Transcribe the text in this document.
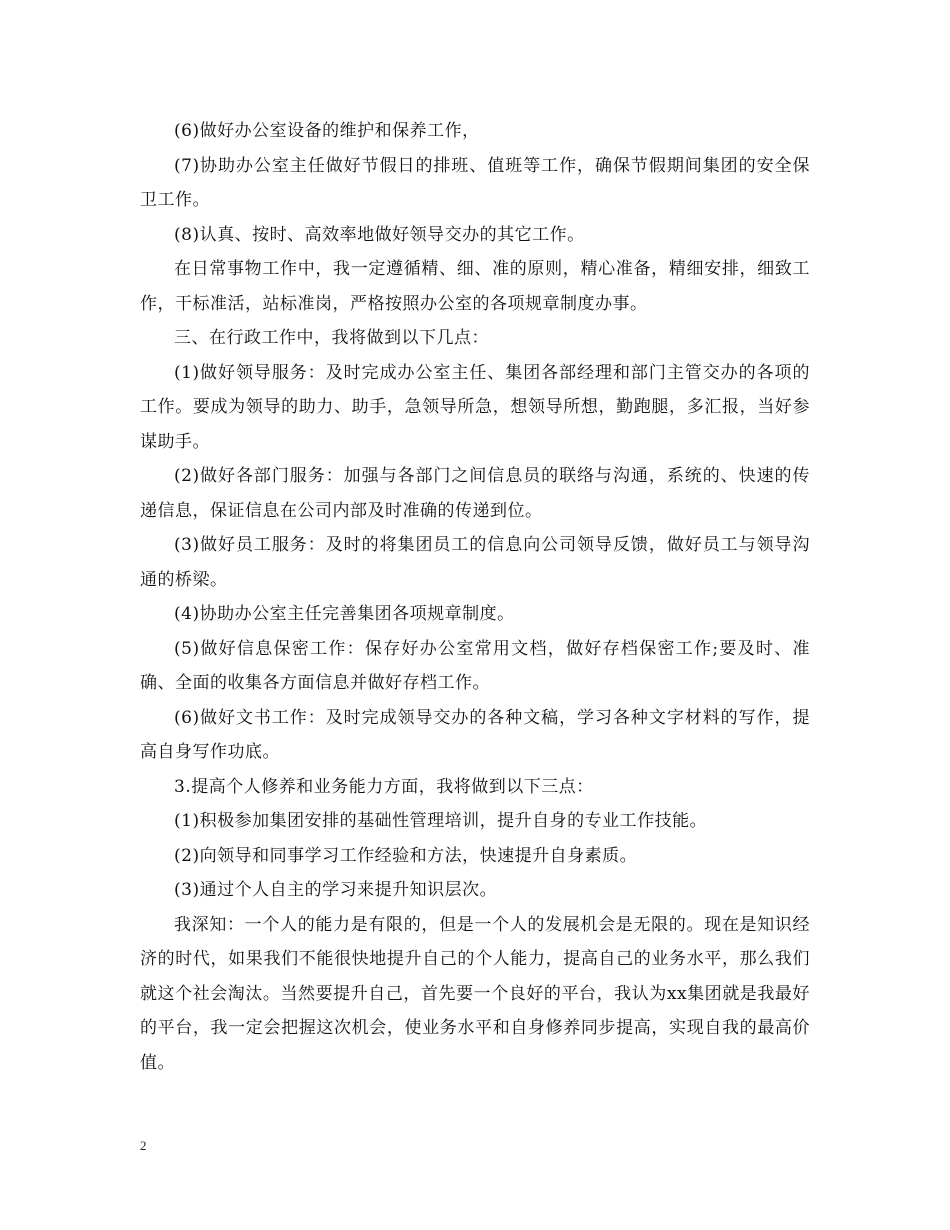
(6)做好办公室设备的维护和保养工作，

(7)协助办公室主任做好节假日的排班、值班等工作，确保节假期间集团的安全保卫工作。

(8)认真、按时、高效率地做好领导交办的其它工作。

在日常事物工作中，我一定遵循精、细、准的原则，精心准备，精细安排，细致工作，干标准活，站标准岗，严格按照办公室的各项规章制度办事。

三、在行政工作中，我将做到以下几点：

(1)做好领导服务：及时完成办公室主任、集团各部经理和部门主管交办的各项的工作。要成为领导的助力、助手，急领导所急，想领导所想，勤跑腿，多汇报，当好参谋助手。

(2)做好各部门服务：加强与各部门之间信息员的联络与沟通，系统的、快速的传递信息，保证信息在公司内部及时准确的传递到位。

(3)做好员工服务：及时的将集团员工的信息向公司领导反馈，做好员工与领导沟通的桥梁。

(4)协助办公室主任完善集团各项规章制度。

(5)做好信息保密工作：保存好办公室常用文档，做好存档保密工作;要及时、准确、全面的收集各方面信息并做好存档工作。

(6)做好文书工作：及时完成领导交办的各种文稿，学习各种文字材料的写作，提高自身写作功底。

3.提高个人修养和业务能力方面，我将做到以下三点：

(1)积极参加集团安排的基础性管理培训，提升自身的专业工作技能。

(2)向领导和同事学习工作经验和方法，快速提升自身素质。

(3)通过个人自主的学习来提升知识层次。

我深知：一个人的能力是有限的，但是一个人的发展机会是无限的。现在是知识经济的时代，如果我们不能很快地提升自己的个人能力，提高自己的业务水平，那么我们就这个社会淘汰。当然要提升自己，首先要一个良好的平台，我认为xx集团就是我最好的平台，我一定会把握这次机会，使业务水平和自身修养同步提高，实现自我的最高价值。

2
